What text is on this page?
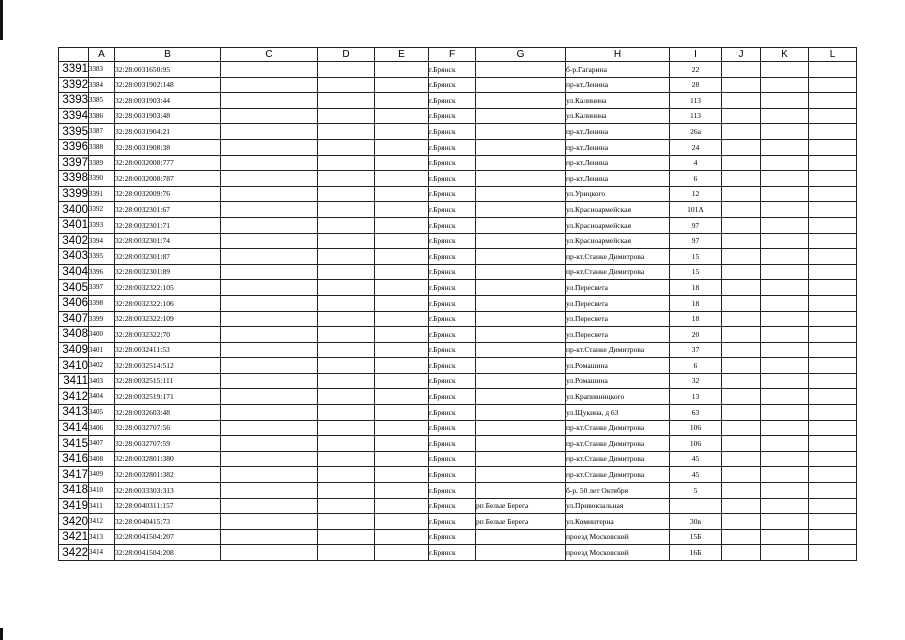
	A	B	C	D	E	F	G	H	I	J	K	L
3391	3383	32:28:0031650:95				г.Брянск		б-р.Гагарина	22			
3392	3384	32:28:0031902:148				г.Брянск		пр-кт.Ленина	28			
3393	3385	32:28:0031903:44				г.Брянск		ул.Калинина	113			
3394	3386	32:28:0031903:48				г.Брянск		ул.Калинина	113			
3395	3387	32:28:0031904:21				г.Брянск		пр-кт.Ленина	26а			
3396	3388	32:28:0031908:38				г.Брянск		пр-кт.Ленина	24			
3397	3389	32:28:0032008:777				г.Брянск		пр-кт.Ленина	4			
3398	3390	32:28:0032008:787				г.Брянск		пр-кт.Ленина	6			
3399	3391	32:28:0032009:76				г.Брянск		ул.Урицкого	12			
3400	3392	32:28:0032301:67				г.Брянск		ул.Красноармейская	101А			
3401	3393	32:28:0032301:71				г.Брянск		ул.Красноармейская	97			
3402	3394	32:28:0032301:74				г.Брянск		ул.Красноармейская	97			
3403	3395	32:28:0032301:87				г.Брянск		пр-кт.Станке Димитрова	15			
3404	3396	32:28:0032301:89				г.Брянск		пр-кт.Станке Димитрова	15			
3405	3397	32:28:0032322:105				г.Брянск		ул.Пересвета	18			
3406	3398	32:28:0032322:106				г.Брянск		ул.Пересвета	18			
3407	3399	32:28:0032322:109				г.Брянск		ул.Пересвета	18			
3408	3400	32:28:0032322:70				г.Брянск		ул.Пересвета	20			
3409	3401	32:28:0032411:53				г.Брянск		пр-кт.Станке Димитрова	37			
3410	3402	32:28:0032514:512				г.Брянск		ул.Ромашина	6			
3411	3403	32:28:0032515:111				г.Брянск		ул.Ромашина	32			
3412	3404	32:28:0032519:171				г.Брянск		ул.Крапивницкого	13			
3413	3405	32:28:0032603:48				г.Брянск		ул.Щукина, д 63	63			
3414	3406	32:28:0032707:56				г.Брянск		пр-кт.Станке Димитрова	106			
3415	3407	32:28:0032707:59				г.Брянск		пр-кт.Станке Димитрова	106			
3416	3408	32:28:0032801:380				г.Брянск		пр-кт.Станке Димитрова	45			
3417	3409	32:28:0032801:382				г.Брянск		пр-кт.Станке Димитрова	45			
3418	3410	32:28:0033303:313				г.Брянск		б-р. 50 лет Октября	5			
3419	3411	32:28:0040311:157				г.Брянск	рп Белые Берега	ул.Привокзальная				
3420	3412	32:28:0040415:73				г.Брянск	рп Белые Берега	ул.Коминтерна	30в			
3421	3413	32:28:0041504:207				г.Брянск		проезд Московский	15Б			
3422	3414	32:28:0041504:208				г.Брянск		проезд Московский	16Б			
